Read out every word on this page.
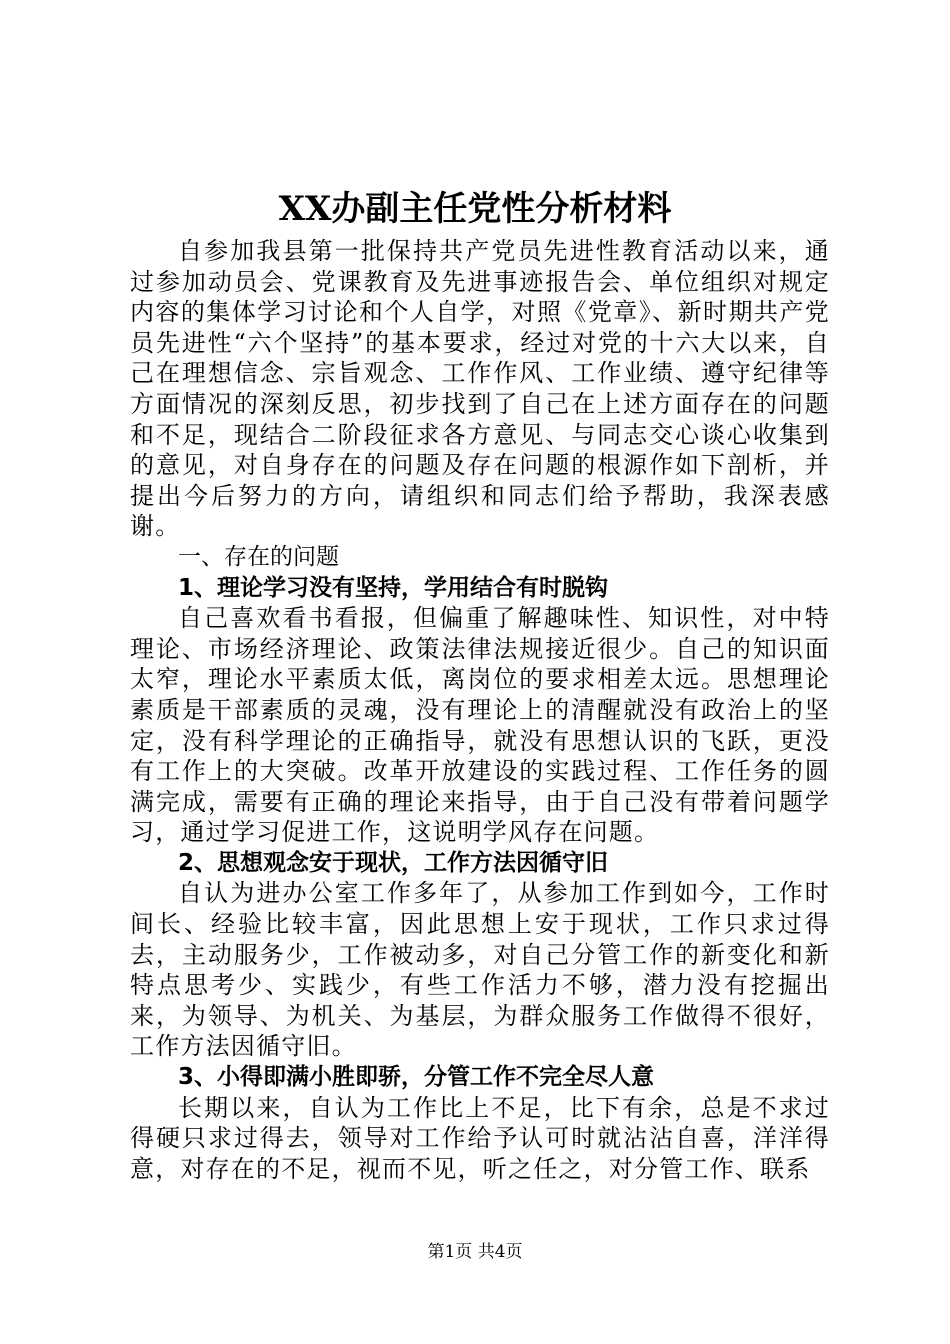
XX办副主任党性分析材料

自参加我县第一批保持共产党员先进性教育活动以来，通过参加动员会、党课教育及先进事迹报告会、单位组织对规定内容的集体学习讨论和个人自学，对照《党章》、新时期共产党员先进性“六个坚持”的基本要求，经过对党的十六大以来，自己在理想信念、宗旨观念、工作作风、工作业绩、遵守纪律等方面情况的深刻反思，初步找到了自己在上述方面存在的问题和不足，现结合二阶段征求各方意见、与同志交心谈心收集到的意见，对自身存在的问题及存在问题的根源作如下剖析，并提出今后努力的方向，请组织和同志们给予帮助，我深表感谢。

一、存在的问题
1、理论学习没有坚持，学用结合有时脱钩

自己喜欢看书看报，但偏重了解趣味性、知识性，对中特理论、市场经济理论、政策法律法规接近很少。自己的知识面太窄，理论水平素质太低，离岗位的要求相差太远。思想理论素质是干部素质的灵魂，没有理论上的清醒就没有政治上的坚定，没有科学理论的正确指导，就没有思想认识的飞跃，更没有工作上的大突破。改革开放建设的实践过程、工作任务的圆满完成，需要有正确的理论来指导，由于自己没有带着问题学习，通过学习促进工作，这说明学风存在问题。

2、思想观念安于现状，工作方法因循守旧

自认为进办公室工作多年了，从参加工作到如今，工作时间长、经验比较丰富，因此思想上安于现状，工作只求过得去，主动服务少，工作被动多，对自己分管工作的新变化和新特点思考少、实践少，有些工作活力不够，潜力没有挖掘出来，为领导、为机关、为基层，为群众服务工作做得不很好，工作方法因循守旧。

3、小得即满小胜即骄，分管工作不完全尽人意

长期以来，自认为工作比上不足，比下有余，总是不求过得硬只求过得去，领导对工作给予认可时就沾沾自喜，洋洋得意，对存在的不足，视而不见，听之任之，对分管工作、联系

第1页 共4页
